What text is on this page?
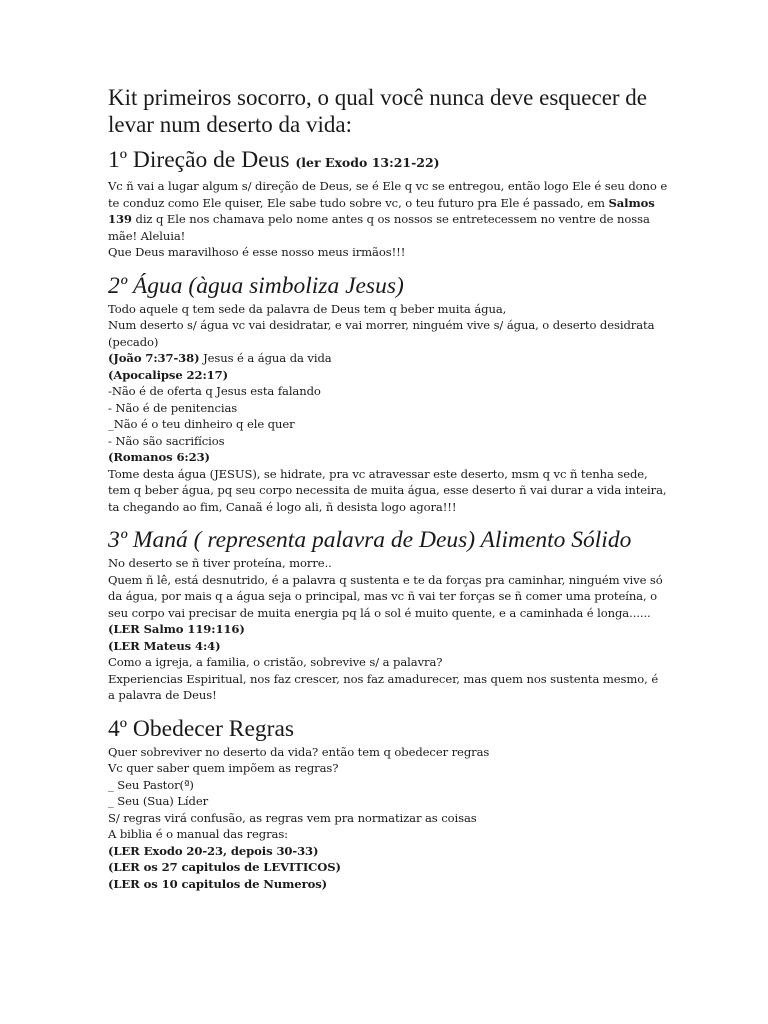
Kit primeiros socorro, o qual você nunca deve esquecer de levar num deserto da vida:
1º Direção de Deus (ler Exodo 13:21-22)

Vc ñ vai a lugar algum s/ direção de Deus, se é Ele q vc se entregou, então logo Ele é seu dono e te conduz como Ele quiser, Ele sabe tudo sobre vc, o teu futuro pra Ele é passado, em Salmos 139 diz q Ele nos chamava pelo nome antes q os nossos se entretecessem no ventre de nossa mãe! Aleluia!

Que Deus maravilhoso é esse nosso meus irmãos!!!

2º Água (àgua simboliza Jesus)

Todo aquele q tem sede da palavra de Deus tem q beber muita água,

Num deserto s/ água vc vai desidratar, e vai morrer, ninguém vive s/ água, o deserto desidrata (pecado)

(João 7:37-38) Jesus é a água da vida

(Apocalipse 22:17)

-Não é de oferta q Jesus esta falando

- Não é de penitencias

_Não é o teu dinheiro q ele quer

- Não são sacrifícios

(Romanos 6:23)

Tome desta água (JESUS), se hidrate, pra vc atravessar este deserto, msm q vc ñ tenha sede, tem q beber água, pq seu corpo necessita de muita água, esse deserto ñ vai durar a vida inteira, ta chegando ao fim, Canaã é logo ali, ñ desista logo agora!!!

3º Maná ( representa palavra de Deus) Alimento Sólido

No deserto se ñ tiver proteína, morre..

Quem ñ lê, está desnutrido, é a palavra q sustenta e te da forças pra caminhar, ninguém vive só da água, por mais q a água seja o principal, mas vc ñ vai ter forças se ñ comer uma proteína, o seu corpo vai precisar de muita energia pq lá o sol é muito quente, e a caminhada é longa......

(LER Salmo 119:116)

(LER Mateus 4:4)

Como a igreja, a familia, o cristão, sobrevive s/ a palavra?

Experiencias Espiritual, nos faz crescer, nos faz amadurecer, mas quem nos sustenta mesmo, é a palavra de Deus!

4º Obedecer Regras

Quer sobreviver no deserto da vida? então tem q obedecer regras

Vc quer saber quem impõem as regras?

_ Seu Pastor(ª)

_ Seu (Sua) Líder

S/ regras virá confusão, as regras vem pra normatizar as coisas

A biblia é o manual das regras:

(LER Exodo 20-23, depois 30-33)

(LER os 27 capitulos de LEVITICOS)

(LER os 10 capitulos de Numeros)
